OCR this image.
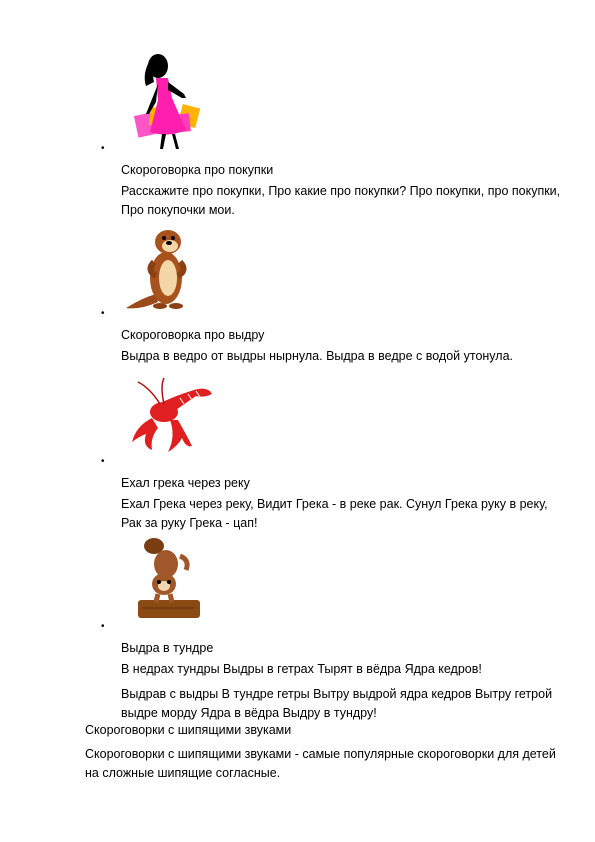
•
Скороговорка про покупки
Расскажите про покупки, Про какие про покупки? Про покупки, про покупки, Про покупочки мои.
•
Скороговорка про выдру
Выдра в ведро от выдры нырнула. Выдра в ведре с водой утонула.
•
Ехал грека через реку
Ехал Грека через реку, Видит Грека - в реке рак. Сунул Грека руку в реку, Рак за руку Грека - цап!
•
Выдра в тундре
В недрах тундры Выдры в гетрах Тырят в вёдра Ядра кедров!
Выдрав с выдры В тундре гетры Вытру выдрой ядра кедров Вытру гетрой выдре морду Ядра в вёдра Выдру в тундру!
Скороговорки с шипящими звуками
Скороговорки с шипящими звуками - самые популярные скороговорки для детей на сложные шипящие согласные.
